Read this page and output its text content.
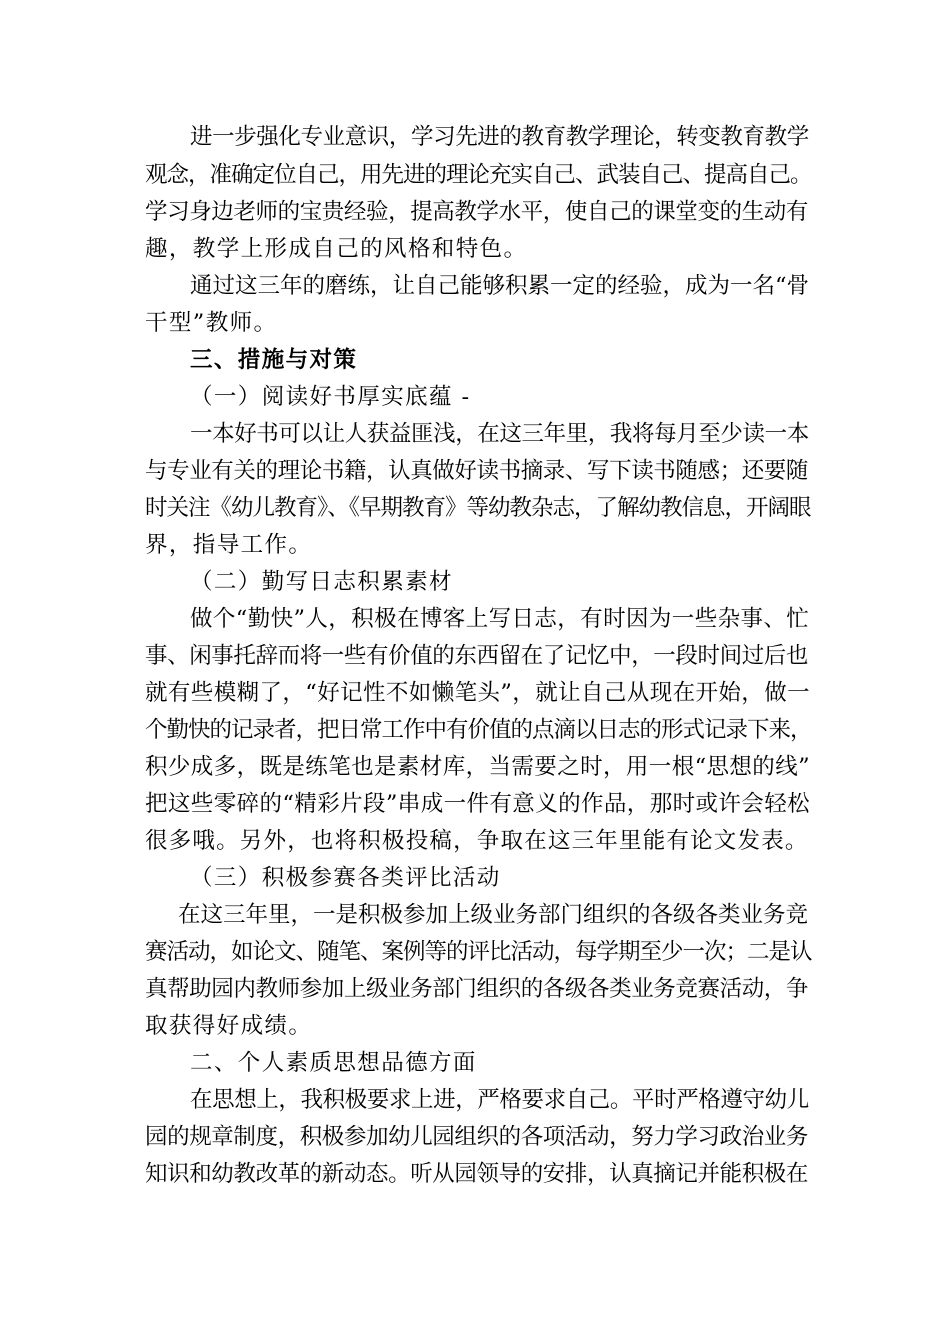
进一步强化专业意识，学习先进的教育教学理论，转变教育教学
观念，准确定位自己，用先进的理论充实自己、武装自己、提高自己。
学习身边老师的宝贵经验，提高教学水平，使自己的课堂变的生动有
趣，教学上形成自己的风格和特色。
通过这三年的磨练，让自己能够积累一定的经验，成为一名“骨
干型”教师。
三、措施与对策
（一）阅读好书厚实底蕴 -
一本好书可以让人获益匪浅，在这三年里，我将每月至少读一本
与专业有关的理论书籍，认真做好读书摘录、写下读书随感；还要随
时关注《幼儿教育》、《早期教育》等幼教杂志，了解幼教信息，开阔眼
界，指导工作。
（二）勤写日志积累素材
做个“勤快”人，积极在博客上写日志，有时因为一些杂事、忙
事、闲事托辞而将一些有价值的东西留在了记忆中，一段时间过后也
就有些模糊了，“好记性不如懒笔头”，就让自己从现在开始，做一
个勤快的记录者，把日常工作中有价值的点滴以日志的形式记录下来，
积少成多，既是练笔也是素材库，当需要之时，用一根“思想的线”
把这些零碎的“精彩片段”串成一件有意义的作品，那时或许会轻松
很多哦。另外，也将积极投稿，争取在这三年里能有论文发表。
（三）积极参赛各类评比活动
在这三年里，一是积极参加上级业务部门组织的各级各类业务竞
赛活动，如论文、随笔、案例等的评比活动，每学期至少一次；二是认
真帮助园内教师参加上级业务部门组织的各级各类业务竞赛活动，争
取获得好成绩。
二、个人素质思想品德方面
在思想上，我积极要求上进，严格要求自己。平时严格遵守幼儿
园的规章制度，积极参加幼儿园组织的各项活动，努力学习政治业务
知识和幼教改革的新动态。听从园领导的安排，认真摘记并能积极在
